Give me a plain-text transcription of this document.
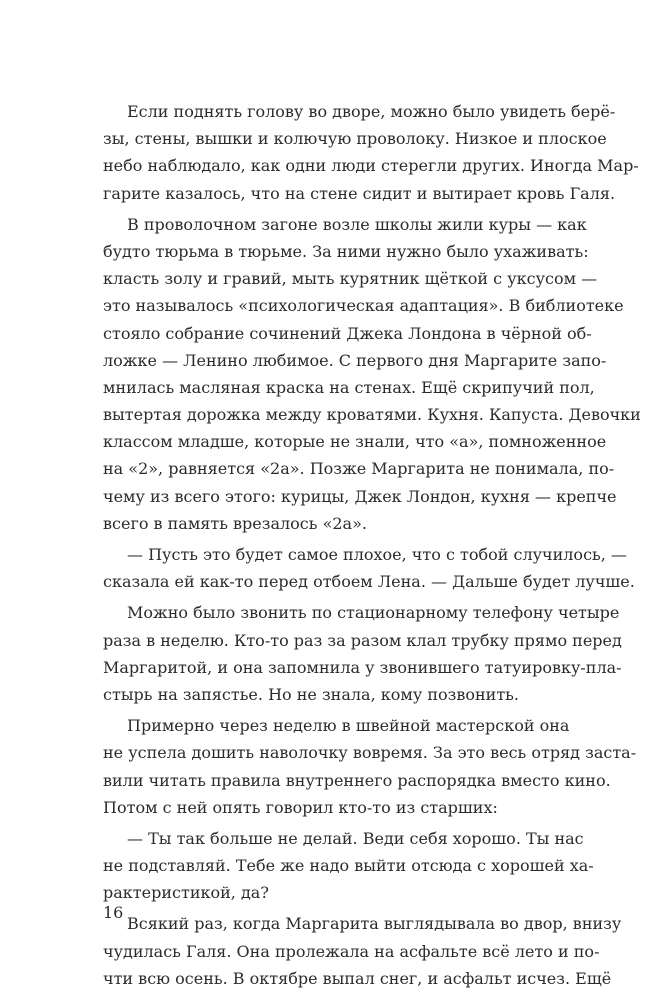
Если поднять голову во дворе, можно было увидеть берё-
зы, стены, вышки и колючую проволоку. Низкое и плоское
небо наблюдало, как одни люди стерегли других. Иногда Мар-
гарите казалось, что на стене сидит и вытирает кровь Галя.
В проволочном загоне возле школы жили куры — как
будто тюрьма в тюрьме. За ними нужно было ухаживать:
класть золу и гравий, мыть курятник щёткой с уксусом —
это называлось «психологическая адаптация». В библиотеке
стояло собрание сочинений Джека Лондона в чёрной об-
ложке — Ленино любимое. С первого дня Маргарите запо-
мнилась масляная краска на стенах. Ещё скрипучий пол,
вытертая дорожка между кроватями. Кухня. Капуста. Девочки
классом младше, которые не знали, что «а», помноженное
на «2», равняется «2а». Позже Маргарита не понимала, по-
чему из всего этого: курицы, Джек Лондон, кухня — крепче
всего в память врезалось «2а».
— Пусть это будет самое плохое, что с тобой случилось, —
сказала ей как-то перед отбоем Лена. — Дальше будет лучше.
Можно было звонить по стационарному телефону четыре
раза в неделю. Кто-то раз за разом клал трубку прямо перед
Маргаритой, и она запомнила у звонившего татуировку-пла-
стырь на запястье. Но не знала, кому позвонить.
Примерно через неделю в швейной мастерской она
не успела дошить наволочку вовремя. За это весь отряд заста-
вили читать правила внутреннего распорядка вместо кино.
Потом с ней опять говорил кто-то из старших:
— Ты так больше не делай. Веди себя хорошо. Ты нас
не подставляй. Тебе же надо выйти отсюда с хорошей ха-
рактеристикой, да?
Всякий раз, когда Маргарита выглядывала во двор, внизу
чудилась Галя. Она пролежала на асфальте всё лето и по-
чти всю осень. В октябре выпал снег, и асфальт исчез. Ещё
16
